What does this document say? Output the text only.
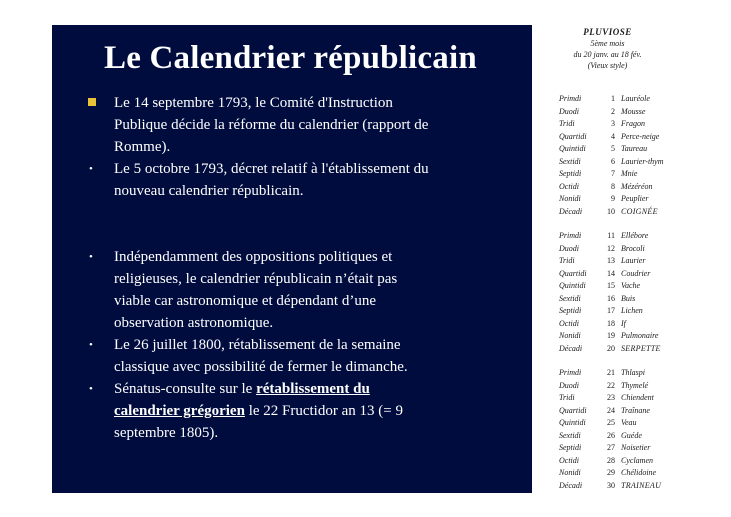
Le Calendrier républicain
Le 14 septembre 1793, le Comité d'Instruction Publique décide la réforme du calendrier (rapport de Romme).
• Le 5 octobre 1793, décret relatif à l'établissement du nouveau calendrier républicain.
• Indépendamment des oppositions politiques et religieuses, le calendrier républicain n’était pas viable car astronomique et dépendant d’une observation astronomique.
• Le 26 juillet 1800, rétablissement de la semaine classique avec possibilité de fermer le dimanche.
• Sénatus-consulte sur le rétablissement du calendrier grégorien le 22 Fructidor an 13 (= 9 septembre 1805).
PLUVIOSE
5ème mois
du 20 janv. au 18 fév.
(Vieux style)
Primdi	1 Lauréole
Duodi	2 Mousse
Tridi	3 Fragon
Quartidi	4 Perce-neige
Quintidi	5 Taureau
Sextidi	6 Laurier-thym
Septidi	7 Mnie
Octidi	8 Mézéréon
Nonidi	9 Peuplier
Décadi	10 COIGNÉE
Primdi	11 Ellébore
Duodi	12 Brocoli
Tridi	13 Laurier
Quartidi	14 Coudrier
Quintidi	15 Vache
Sextidi	16 Buis
Septidi	17 Lichen
Octidi	18 If
Nonidi	19 Pulmonaire
Décadi	20 SERPETTE
Primdi	21 Thlaspi
Duodi	22 Thymelé
Tridi	23 Chiendent
Quartidi	24 Traînane
Quintidi	25 Veau
Sextidi	26 Guéde
Septidi	27 Noisetier
Octidi	28 Cyclamen
Nonidi	29 Chélidoine
Décadi	30 TRAINEAU
